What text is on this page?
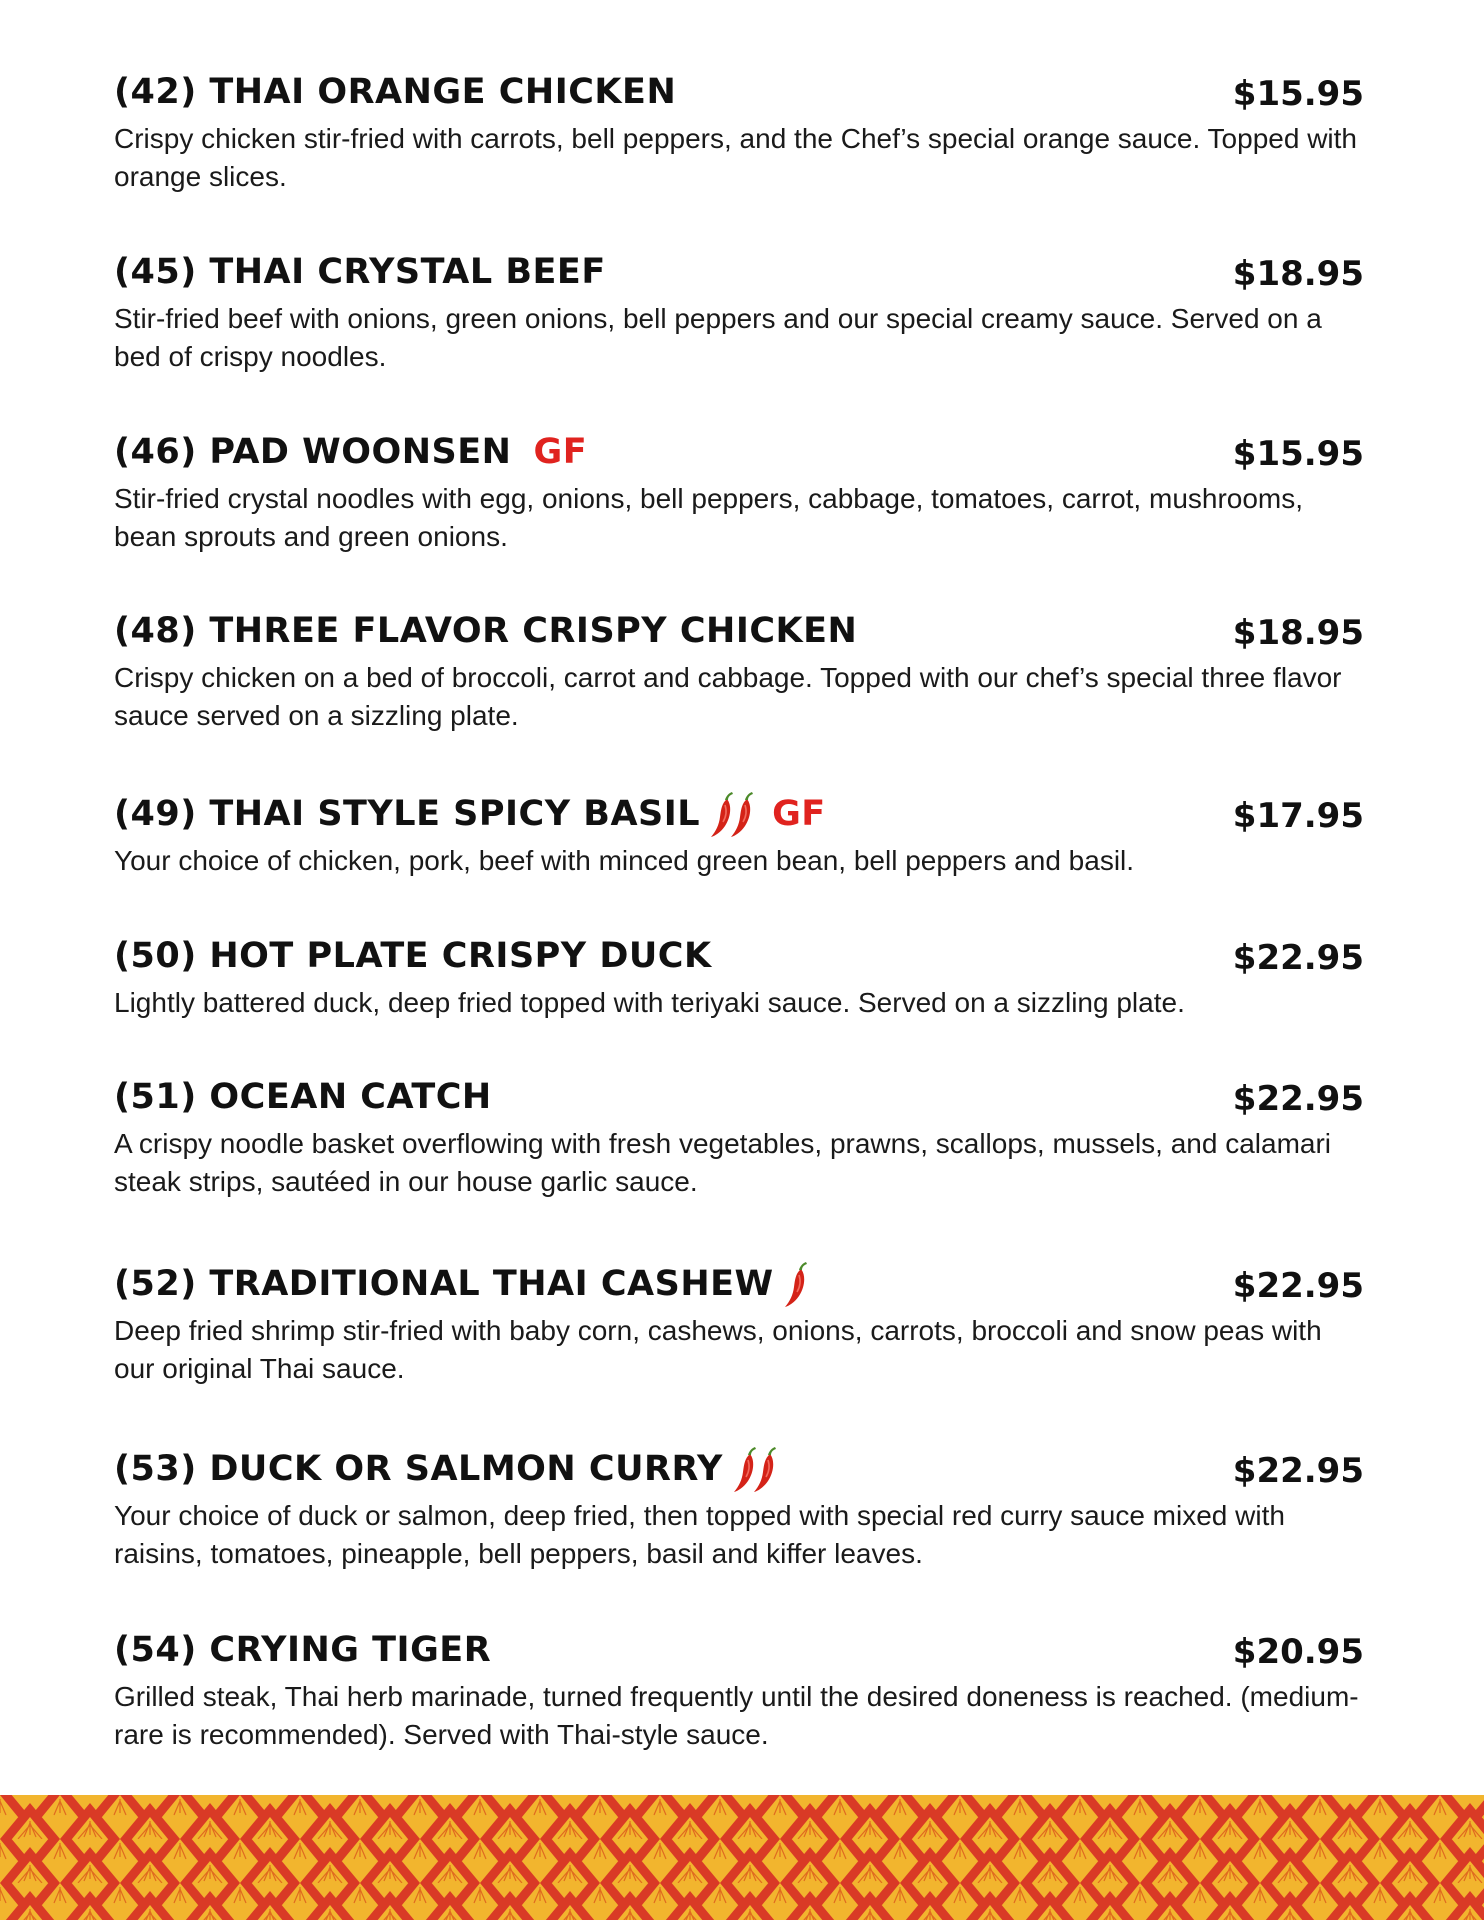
(42) THAI ORANGE CHICKEN	$15.95

Crispy chicken stir-fried with carrots, bell peppers, and the Chef’s special orange sauce. Topped with orange slices.

(45) THAI CRYSTAL BEEF	$18.95

Stir-fried beef with onions, green onions, bell peppers and our special creamy sauce. Served on a bed of crispy noodles.

(46) PAD WOONSEN GF	$15.95

Stir-fried crystal noodles with egg, onions, bell peppers, cabbage, tomatoes, carrot, mushrooms, bean sprouts and green onions.

(48) THREE FLAVOR CRISPY CHICKEN	$18.95

Crispy chicken on a bed of broccoli, carrot and cabbage. Topped with our chef’s special three flavor sauce served on a sizzling plate.

(49) THAI STYLE SPICY BASIL GF	$17.95

Your choice of chicken, pork, beef with minced green bean, bell peppers and basil.

(50) HOT PLATE CRISPY DUCK	$22.95

Lightly battered duck, deep fried topped with teriyaki sauce. Served on a sizzling plate.

(51) OCEAN CATCH	$22.95

A crispy noodle basket overflowing with fresh vegetables, prawns, scallops, mussels, and calamari steak strips, sautéed in our house garlic sauce.

(52) TRADITIONAL THAI CASHEW	$22.95

Deep fried shrimp stir-fried with baby corn, cashews, onions, carrots, broccoli and snow peas with our original Thai sauce.

(53) DUCK OR SALMON CURRY	$22.95

Your choice of duck or salmon, deep fried, then topped with special red curry sauce mixed with raisins, tomatoes, pineapple, bell peppers, basil and kiffer leaves.

(54) CRYING TIGER	$20.95

Grilled steak, Thai herb marinade, turned frequently until the desired doneness is reached. (medium-rare is recommended). Served with Thai-style sauce.
